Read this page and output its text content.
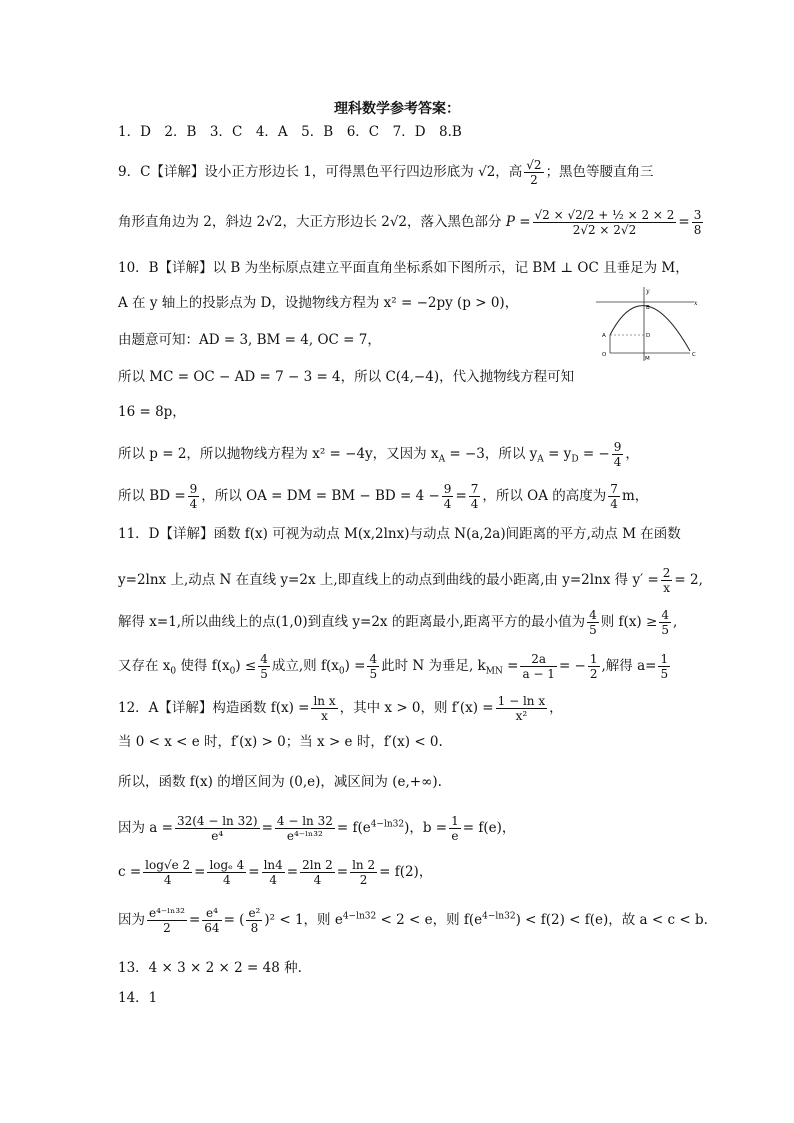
理科数学参考答案：
1．D　2．B　3．C　4．A　5．B　6．C　7．D　8.B
9．C【详解】设小正方形边长 1，可得黑色平行四边形底为 √2，高 $\frac{√2}{2}$ ；黑色等腰直角三
角形直角边为 2，斜边 2√2，大正方形边长 2√2，落入黑色部分 $P = \frac{\text{√2 × √2/2 + ½ × 2 × 2}}{2√2 \times 2√2} = \frac{3}{8}$
10．B【详解】以 B 为坐标原点建立平面直角坐标系如下图所示，记 BM ⊥ OC 且垂足为 M，
A 在 y 轴上的投影点为 D，设抛物线方程为 x² = −2py (p > 0)，
由题意可知：AD = 3, BM = 4, OC = 7，
所以 MC = OC − AD = 7 − 3 = 4，所以 C(4,−4)，代入抛物线方程可知
16 = 8p，
所以 p = 2，所以抛物线方程为 x² = −4y，又因为 $x_A = -3$，所以 $y_A = y_D$ = − $\frac{9}{4}$ ，
所以 BD = $\frac{9}{4}$ ，所以 OA = DM = BM − BD = $4 - \frac{9}{4} = \frac{7}{4}$ ，所以 OA 的高度为 $\frac{7}{4}$ m，
y
x
B
A	D
O
M
C
11．D【详解】函数 f(x) 可视为动点 M(x,2lnx)与动点 N(a,2a)间距离的平方,动点 M 在函数
y=2lnx 上,动点 N 在直线 y=2x 上,即直线上的动点到曲线的最小距离,由 y=2lnx 得 $y' = \frac{2}{x} = 2$,
解得 x=1,所以曲线上的点(1,0)到直线 y=2x 的距离最小,距离平方的最小值为 $\frac{4}{5}$ 则 $f(x) \ge \frac{4}{5}$ ,
又存在 $x_0$ 使得 $f(x_0) \le \frac{4}{5}$ 成立,则 $f(x_0) = \frac{4}{5}$ 此时 N 为垂足, $k_{MN} = \frac{2a}{a - 1}$ = − $\frac{1}{2}$ ,解得 $a= \frac{1}{5}$
12．A【详解】构造函数 $f(x) = \frac{\text{ln x}}{x}$ ，其中 x > 0，则 $f'(x) = \frac{\text{1 − ln x}}{\text{x²}}$ ，
当 0 < x < e 时，f′(x) > 0；当 x > e 时，f′(x) < 0.
所以，函数 f(x) 的增区间为 (0,e)，减区间为 (e,+∞).
因为 $a = \frac{32(4 - \ln 32)}{\text{e⁴}} = \frac{4 - \ln 32}{\text{e⁴⁻ˡⁿ³²}} = f(e^{4-ln32})$，$b = \frac{1}{e} = f(e)$，
$c = \frac{\log√e 2}{4} = \frac{\text{logₑ 4}}{4} = \frac{\ln 4}{4} = \frac{2\ln 2}{4} = \frac{\ln 2}{2} = f(2)$，
因为 $\frac{\text{e⁴⁻ˡⁿ³²}}{2} = \frac{\text{e⁴}}{64}$ = ( $\frac{\text{e²}}{8} )^2 < 1$，则 $e^{4-ln32} < 2 < e$，则 $f(e^{4-ln32}) < f(2) < f(e)$，故 a < c < b.
13．4 × 3 × 2 × 2 = 48 种.
14．1
